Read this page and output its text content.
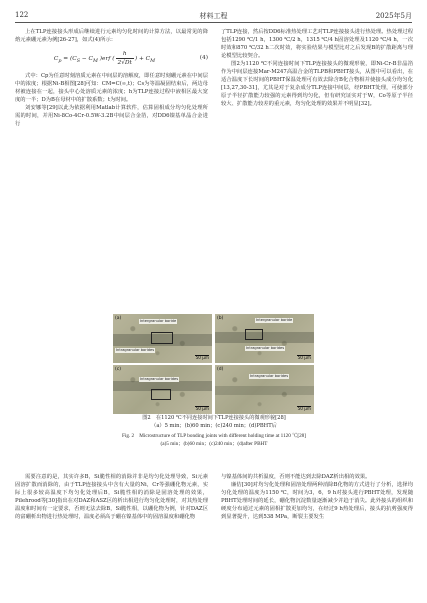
122	材料工程	2025年5月

上在TLP连接接头形成后继续进行元素均匀化时间的计算方法，以最常见的降熔元素硼元素为例[26-27]，如式(4)所示：

$C_p = (C_S - C_M$ )erf ( $\frac{h}{2√Dt}$ ) + $C_M$
(4)

式中：Cp为任意时刻溶质元素在中间层的溶解度，即任意时刻硼元素在中间层中的浓度；根据Ni-B相图[28]可知：CM=C(∞,t)；Cs为等温凝固结束后，两边母材被连接在一起，接头中心处溶质元素的浓度；h为TLP连接过程中液相区最大宽度的一半；D为B在母材中的扩散系数；t为时间。

刘安娜等[29]以此为依据利用Matlab计算软件，估算固相成分均匀化处理所需的时间，并用Ni-8Co-4Cr-0.5W-3.2B中间层合金箔，对DD6镍基单晶合金进行

了TLP连接，然后按DD6标准热处理工艺对TLP连接接头进行热处理。热处理过程包括1290 ℃/1 h，1300 ℃/2 h，1315 ℃/4 h固溶处理及1120 ℃/4 h，一次时效和870 ℃/32 h二次时效，将实验结果与模型比对之后发现B的扩散距离与理论模型比较契合。

图2为1120 ℃不同连接时间下TLP连接接头的微观形貌，即Ni-Cr-B非晶箔作为中间层连接Mar-M247高温合金的TLPB和PBHT接头，从图中可以看出，在适合温度下长时间的PBHT保温处理可有效去除含B化合物相并使接头成分均匀化[13,27,30-31]，尤其是对于复杂成分TLP连接中间层，经PBHT处理，可使部分原子半径扩散能力较强的元素得到均匀化，但有研究证实对于W，Co等原子半径较大、扩散能力较差的重元素，均匀化处理的效果并不明显[32]。

(a)	Intergranular boride
Intragranular borides
50 μm
(b)	Intergranular boride
Intragranular borides
50 μm
(c)
Intragranular borides
50 μm
(d)
Intragranular borides
50 μm
图2　在1120 ℃不同连接时间下TLP连接接头的微观形貌[28]
（a）5 min；(b)60 min；(c)240 min；(d)PBHT后
Fig. 2　Microstructure of TLP bonding joints with different holding time at 1120 ℃[28]
(a)5 min；(b)60 min；(c)240 min；(d)after PBHT

需要注意的是，其实许多B，Si脆性相的消除并非是均匀化处理导致，Si元素固溶扩散而消除的，由于TLP连接接头中含有大量的Ni，Cr等强硼化物元素，实际上很多较高温度下均匀化处理后B，Si脆性相的消除是固溶处理的效果，Pilehrood等[30]指出在对DAZ和ASZ区的析出相进行均匀化处理时，对其热处理温度和时间有一定要求，否则无法去除B，Si脆性相，以硼化物为例，针对DAZ区的富硼析出物进行热处理时，温度必须高于硼在镍基体中的固溶温度和硼化物

与镍基体间的共析温度，否则不能达到去除DAZ析出相的效果。

廉佶[30]对均匀化处理和固溶处理两种消除B化物的方式进行了分析，选择均匀化处理的温度为1150 ℃，时间为3，6，9 h对接头进行PBHT处理，发现随PBHT处理时间的延长，硼化物沉淀数量逐渐减少并趋于消失。此外接头的组织和硬度分布通过元素的固相扩散更加均匀，在经过9 h热处理后，接头的抗剪强度得到显著提升，达到538 MPa，断裂主要发生
